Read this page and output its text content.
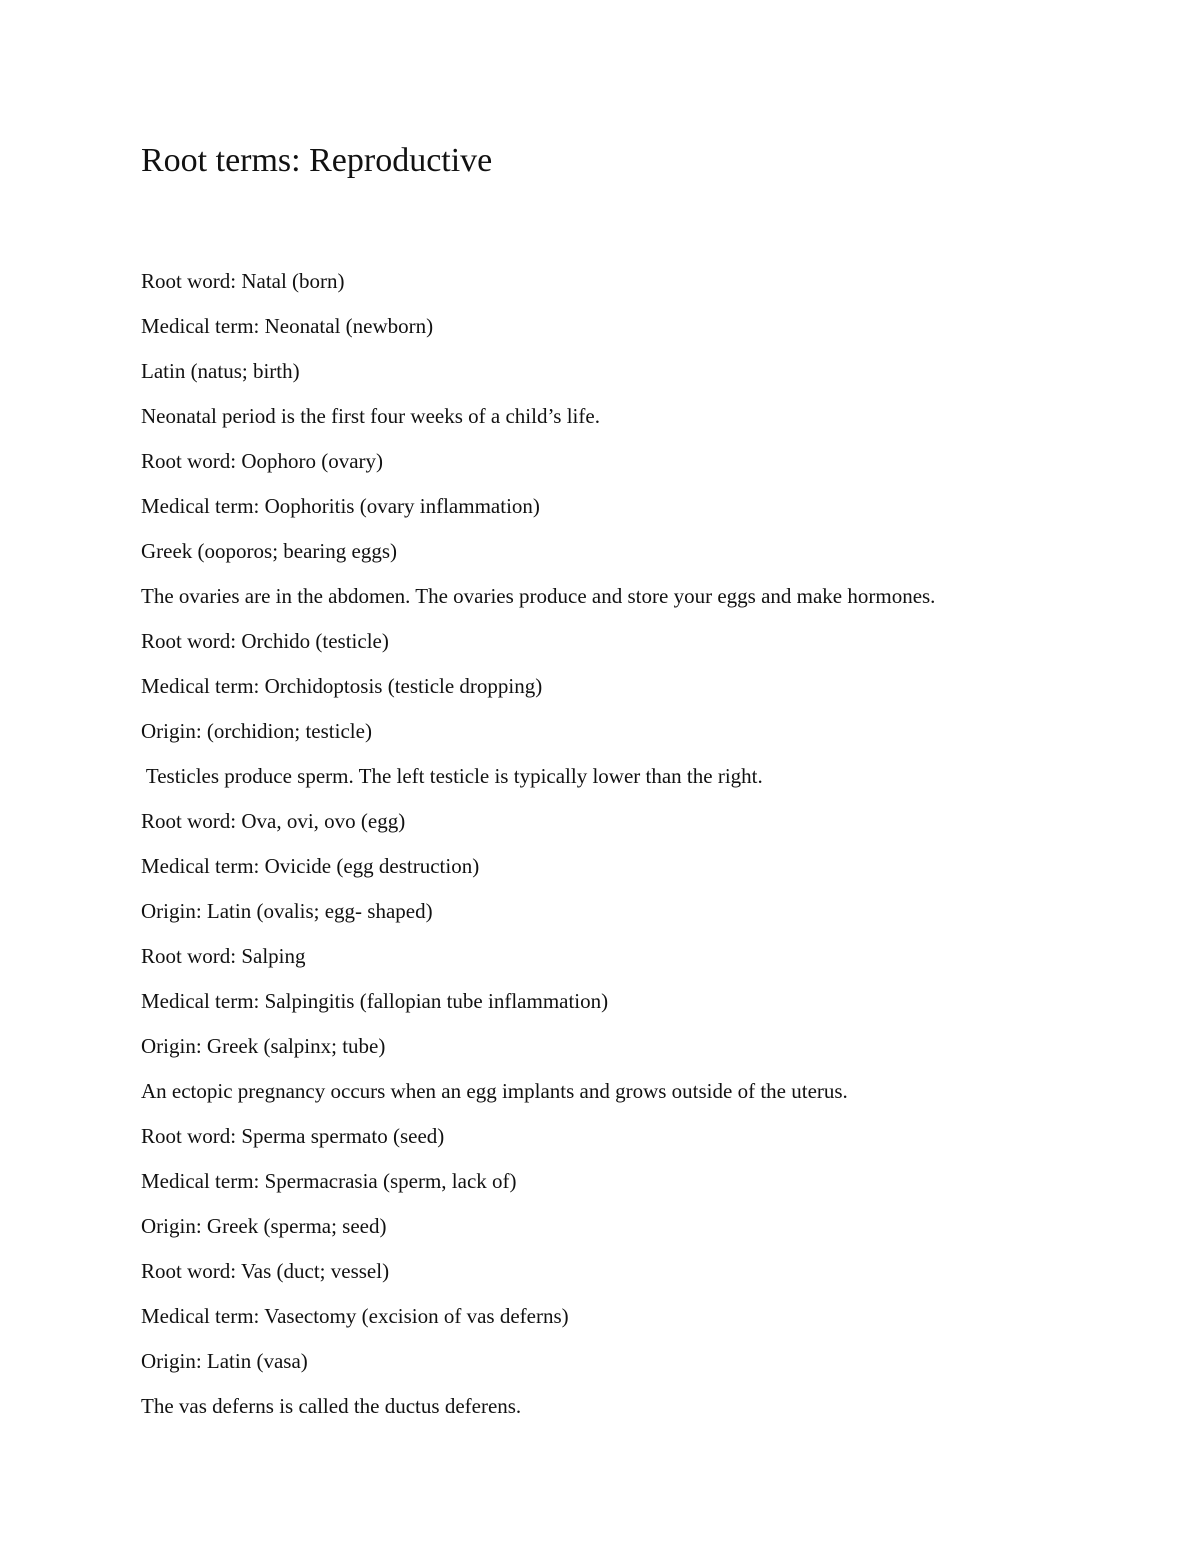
Root terms: Reproductive

Root word: Natal (born)

Medical term: Neonatal (newborn)

Latin (natus; birth)

Neonatal period is the first four weeks of a child’s life.

Root word: Oophoro (ovary)

Medical term: Oophoritis (ovary inflammation)

Greek (ooporos; bearing eggs)

The ovaries are in the abdomen. The ovaries produce and store your eggs and make hormones.

Root word: Orchido (testicle)

Medical term: Orchidoptosis (testicle dropping)

Origin: (orchidion; testicle)

Testicles produce sperm. The left testicle is typically lower than the right.

Root word: Ova, ovi, ovo (egg)

Medical term: Ovicide (egg destruction)

Origin: Latin (ovalis; egg- shaped)

Root word: Salping

Medical term: Salpingitis (fallopian tube inflammation)

Origin: Greek (salpinx; tube)

An ectopic pregnancy occurs when an egg implants and grows outside of the uterus.

Root word: Sperma spermato (seed)

Medical term: Spermacrasia (sperm, lack of)

Origin: Greek (sperma; seed)

Root word: Vas (duct; vessel)

Medical term: Vasectomy (excision of vas deferns)

Origin: Latin (vasa)

The vas deferns is called the ductus deferens.
